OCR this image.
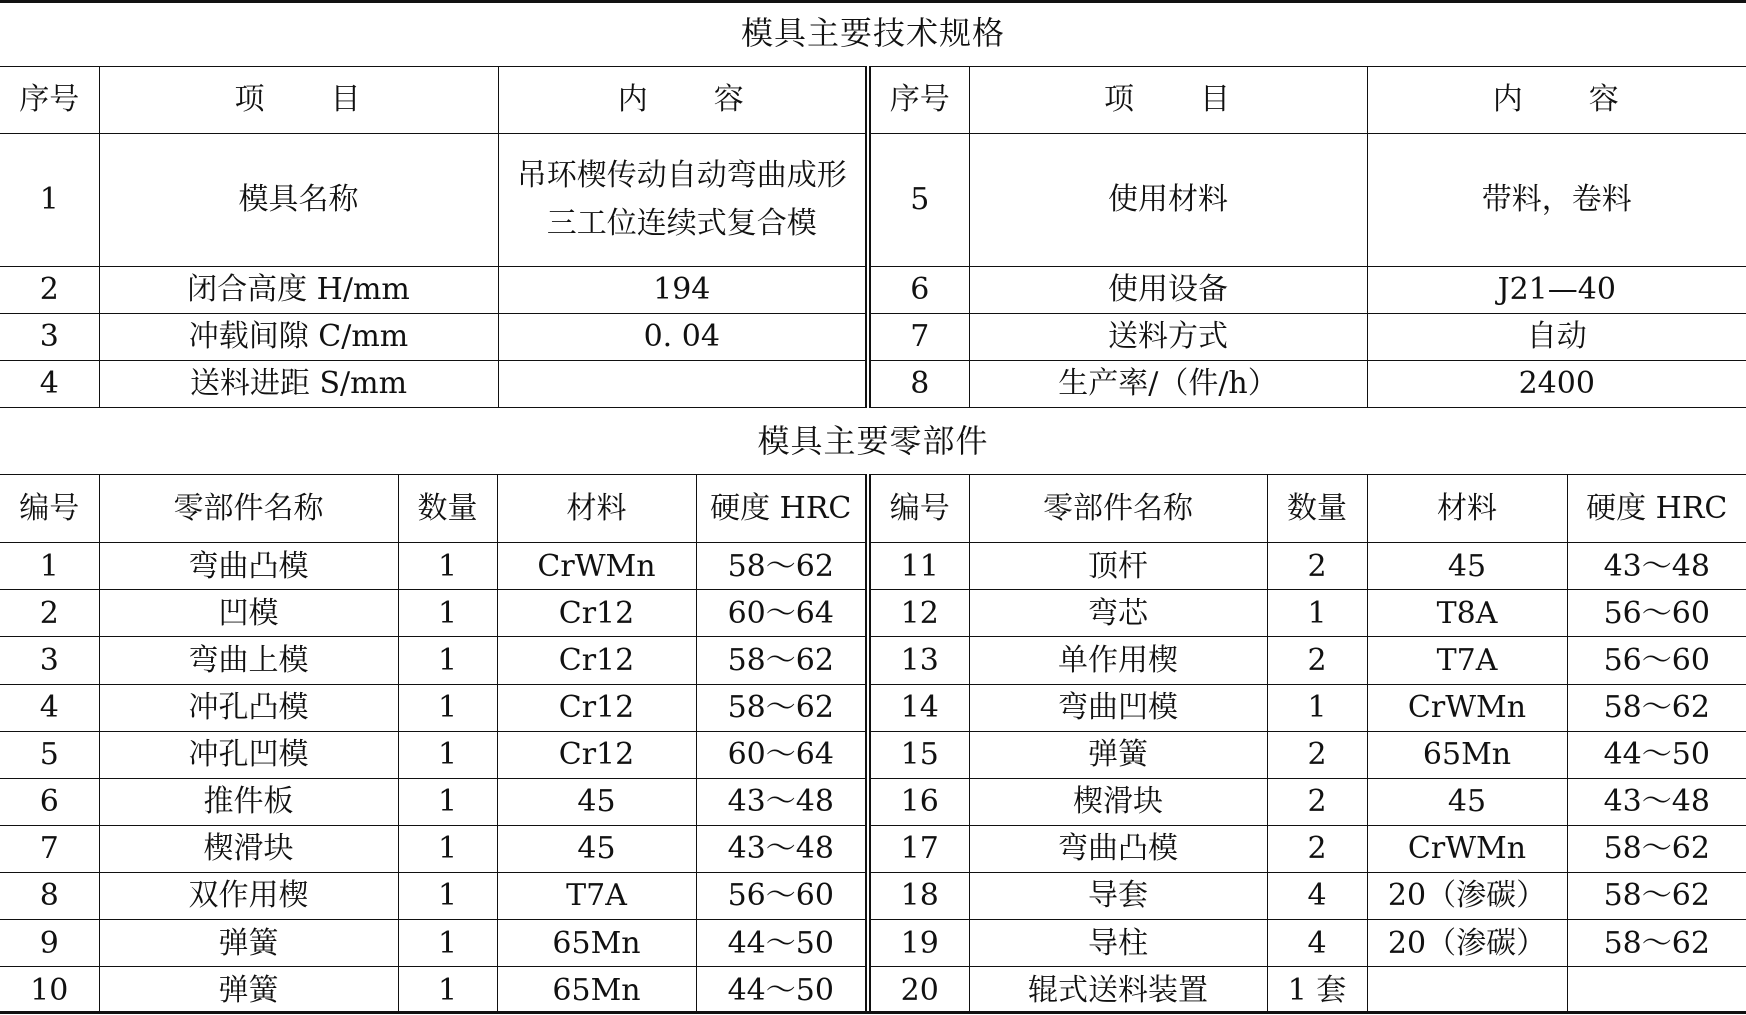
模具主要技术规格
序号	项　　目	内　　容	序号	项　　目	内　　容
1	模具名称	吊环楔传动自动弯曲成形三工位连续式复合模	5	使用材料	带料，卷料
2	闭合高度 H/mm	194	6	使用设备	J21—40
3	冲载间隙 C/mm	0. 04	7	送料方式	自动
4	送料进距 S/mm		8	生产率/（件/h）	2400
模具主要零部件
编号	零部件名称	数量	材料	硬度 HRC	编号	零部件名称	数量	材料	硬度 HRC
1	弯曲凸模	1	CrWMn	58～62	11	顶杆	2	45	43～48
2	凹模	1	Cr12	60～64	12	弯芯	1	T8A	56～60
3	弯曲上模	1	Cr12	58～62	13	单作用楔	2	T7A	56～60
4	冲孔凸模	1	Cr12	58～62	14	弯曲凹模	1	CrWMn	58～62
5	冲孔凹模	1	Cr12	60～64	15	弹簧	2	65Mn	44～50
6	推件板	1	45	43～48	16	楔滑块	2	45	43～48
7	楔滑块	1	45	43～48	17	弯曲凸模	2	CrWMn	58～62
8	双作用楔	1	T7A	56～60	18	导套	4	20（渗碳）	58～62
9	弹簧	1	65Mn	44～50	19	导柱	4	20（渗碳）	58～62
10	弹簧	1	65Mn	44～50	20	辊式送料装置	1 套		
